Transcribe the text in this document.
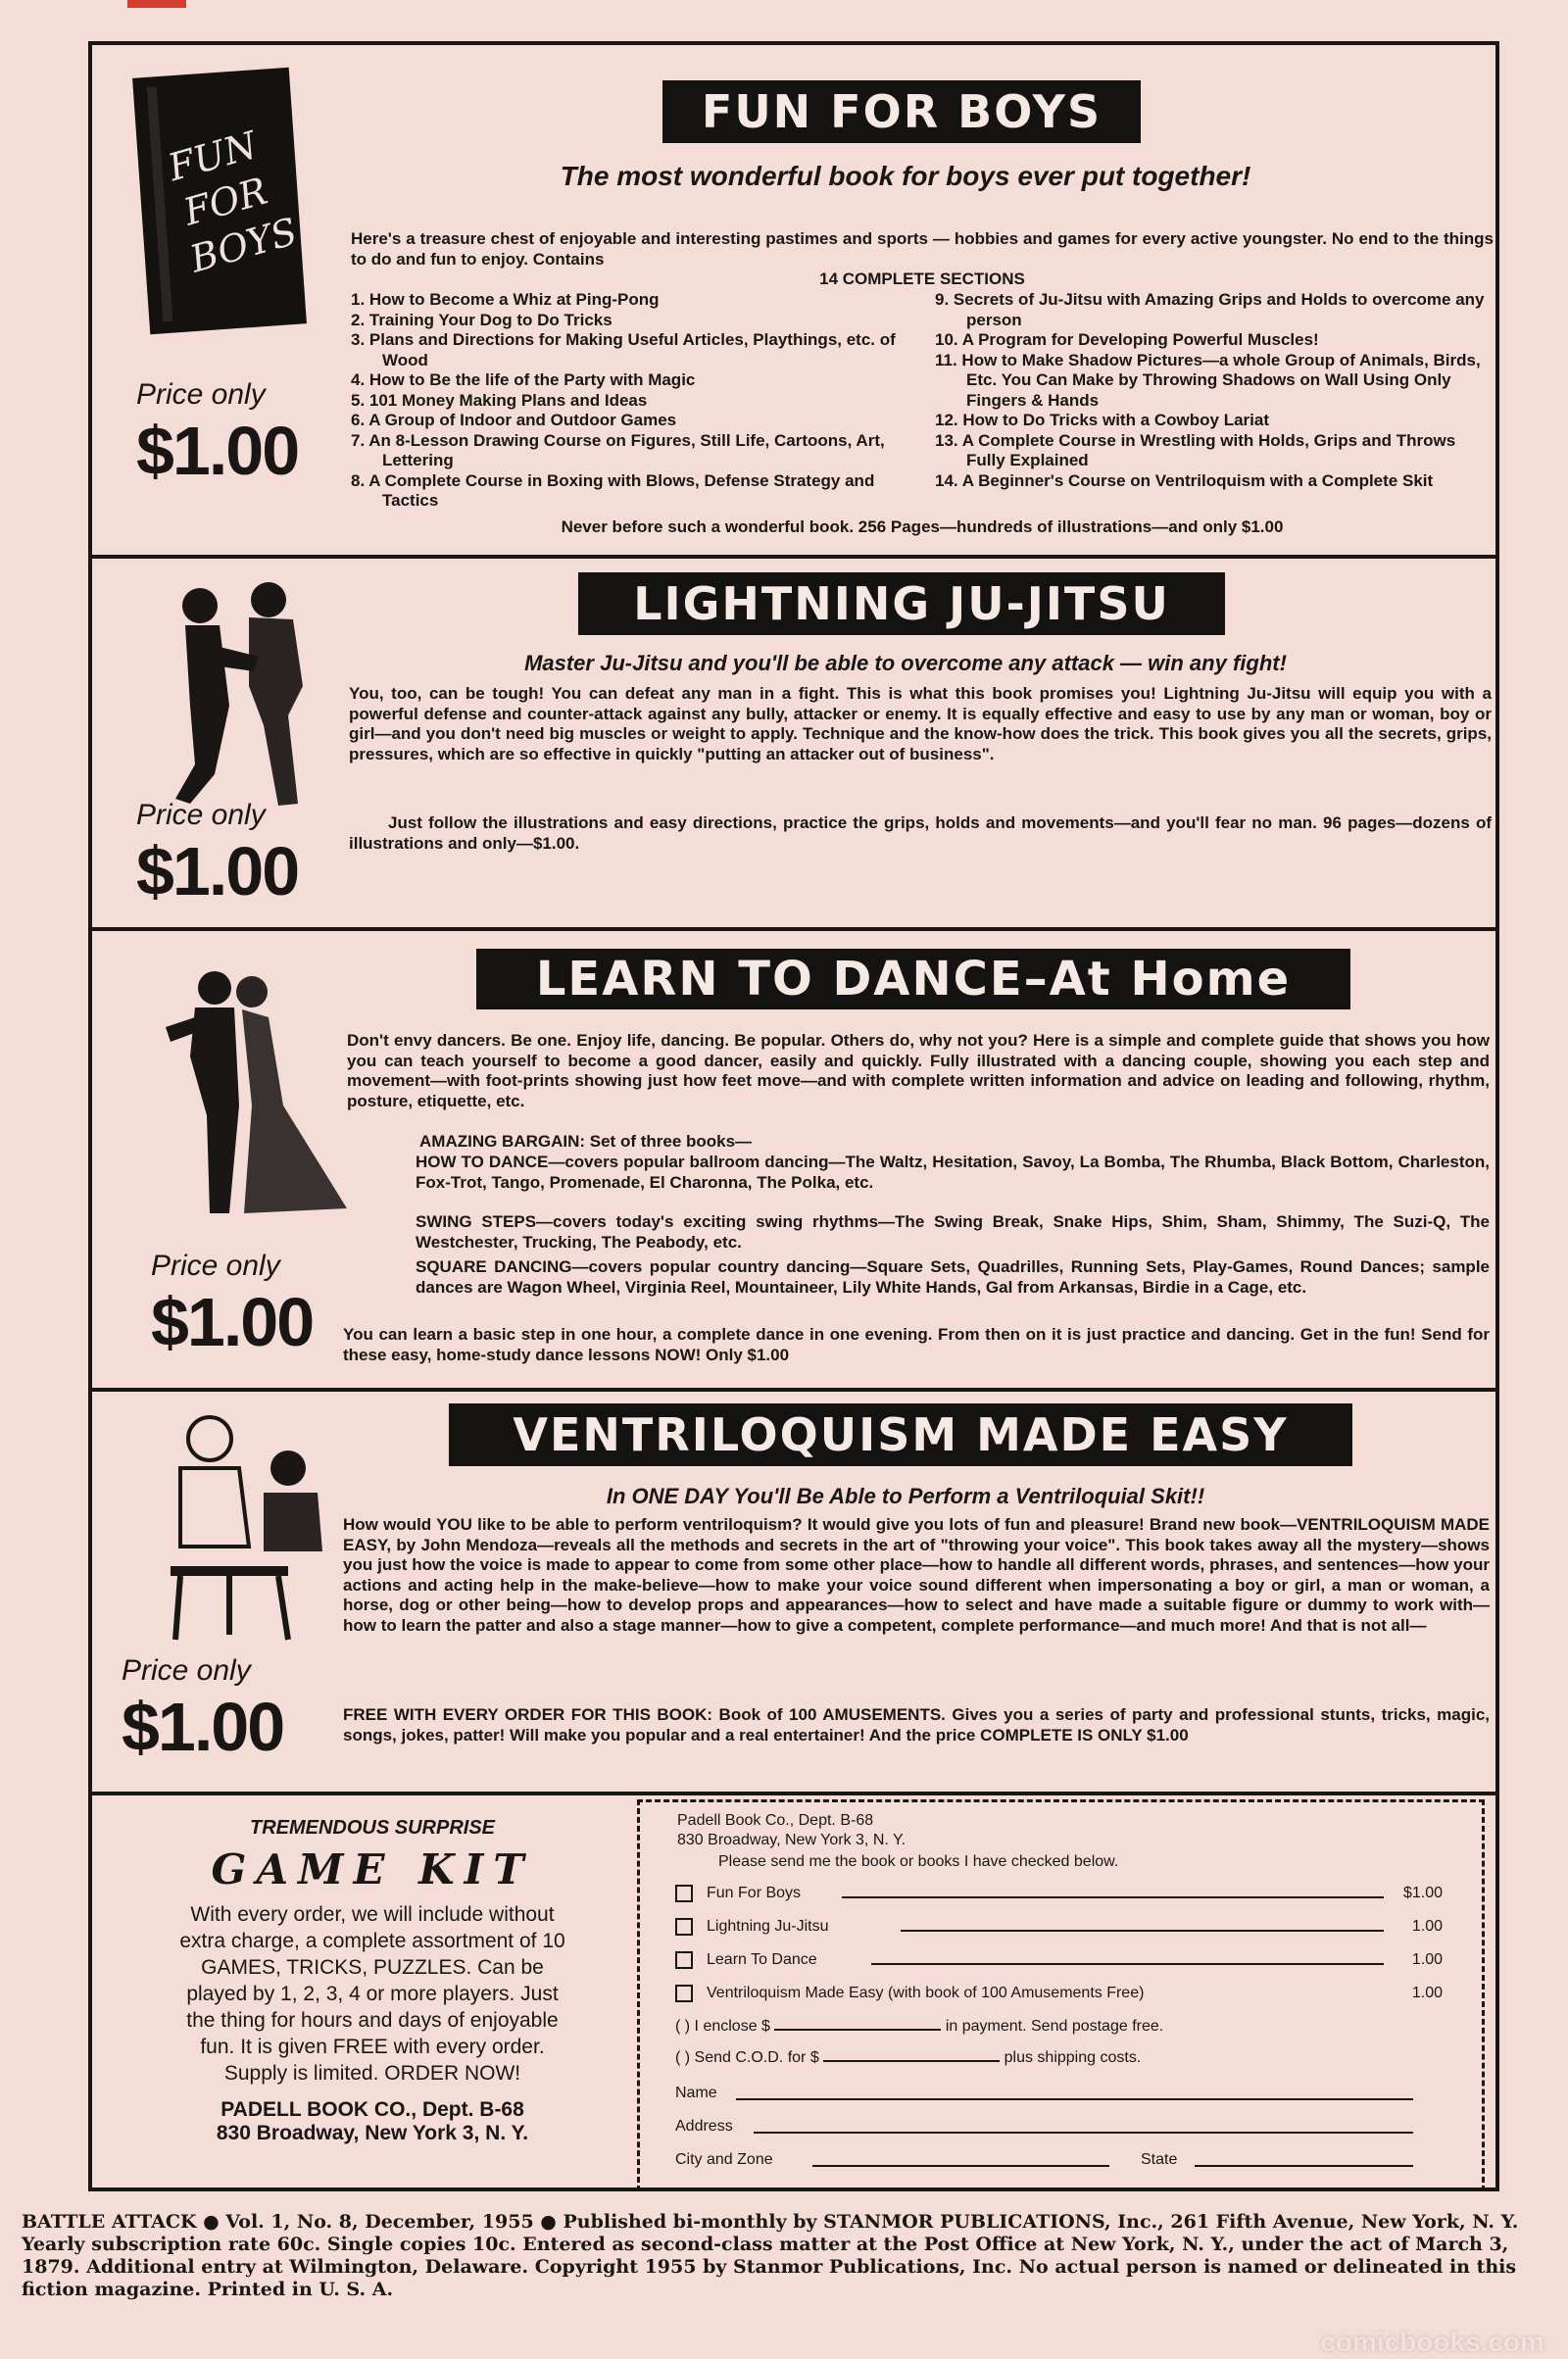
FUN FOR BOYS
Price only
$1.00
FUN FOR BOYS
The most wonderful book for boys ever put together!
Here's a treasure chest of enjoyable and interesting pastimes and sports — hobbies and games for every active youngster. No end to the things to do and fun to enjoy. Contains
14 COMPLETE SECTIONS
1. How to Become a Whiz at Ping-Pong
2. Training Your Dog to Do Tricks
3. Plans and Directions for Making Useful Articles, Playthings, etc. of Wood
4. How to Be the life of the Party with Magic
5. 101 Money Making Plans and Ideas
6. A Group of Indoor and Outdoor Games
7. An 8-Lesson Drawing Course on Figures, Still Life, Cartoons, Art, Lettering
8. A Complete Course in Boxing with Blows, Defense Strategy and Tactics
9. Secrets of Ju-Jitsu with Amazing Grips and Holds to overcome any person
10. A Program for Developing Powerful Muscles!
11. How to Make Shadow Pictures—a whole Group of Animals, Birds, Etc. You Can Make by Throwing Shadows on Wall Using Only Fingers & Hands
12. How to Do Tricks with a Cowboy Lariat
13. A Complete Course in Wrestling with Holds, Grips and Throws Fully Explained
14. A Beginner's Course on Ventriloquism with a Complete Skit
Never before such a wonderful book. 256 Pages—hundreds of illustrations—and only $1.00
Price only
$1.00
LIGHTNING JU-JITSU
Master Ju-Jitsu and you'll be able to overcome any attack — win any fight!
You, too, can be tough! You can defeat any man in a fight. This is what this book promises you! Lightning Ju-Jitsu will equip you with a powerful defense and counter-attack against any bully, attacker or enemy. It is equally effective and easy to use by any man or woman, boy or girl—and you don't need big muscles or weight to apply. Technique and the know-how does the trick. This book gives you all the secrets, grips, pressures, which are so effective in quickly "putting an attacker out of business".
Just follow the illustrations and easy directions, practice the grips, holds and movements—and you'll fear no man. 96 pages—dozens of illustrations and only—$1.00.
Price only
$1.00
LEARN TO DANCE–At Home
Don't envy dancers. Be one. Enjoy life, dancing. Be popular. Others do, why not you? Here is a simple and complete guide that shows you how you can teach yourself to become a good dancer, easily and quickly. Fully illustrated with a dancing couple, showing you each step and movement—with foot-prints showing just how feet move—and with complete written information and advice on leading and following, rhythm, posture, etiquette, etc.
AMAZING BARGAIN: Set of three books—
HOW TO DANCE—covers popular ballroom dancing—The Waltz, Hesitation, Savoy, La Bomba, The Rhumba, Black Bottom, Charleston, Fox-Trot, Tango, Promenade, El Charonna, The Polka, etc.
SWING STEPS—covers today's exciting swing rhythms—The Swing Break, Snake Hips, Shim, Sham, Shimmy, The Suzi-Q, The Westchester, Trucking, The Peabody, etc.
SQUARE DANCING—covers popular country dancing—Square Sets, Quadrilles, Running Sets, Play-Games, Round Dances; sample dances are Wagon Wheel, Virginia Reel, Mountaineer, Lily White Hands, Gal from Arkansas, Birdie in a Cage, etc.
You can learn a basic step in one hour, a complete dance in one evening. From then on it is just practice and dancing. Get in the fun! Send for these easy, home-study dance lessons NOW! Only $1.00
Price only
$1.00
VENTRILOQUISM MADE EASY
In ONE DAY You'll Be Able to Perform a Ventriloquial Skit!!
How would YOU like to be able to perform ventriloquism? It would give you lots of fun and pleasure! Brand new book—VENTRILOQUISM MADE EASY, by John Mendoza—reveals all the methods and secrets in the art of "throwing your voice". This book takes away all the mystery—shows you just how the voice is made to appear to come from some other place—how to handle all different words, phrases, and sentences—how your actions and acting help in the make-believe—how to make your voice sound different when impersonating a boy or girl, a man or woman, a horse, dog or other being—how to develop props and appearances—how to select and have made a suitable figure or dummy to work with—how to learn the patter and also a stage manner—how to give a competent, complete performance—and much more! And that is not all—
FREE WITH EVERY ORDER FOR THIS BOOK: Book of 100 AMUSEMENTS. Gives you a series of party and professional stunts, tricks, magic, songs, jokes, patter! Will make you popular and a real entertainer! And the price COMPLETE IS ONLY $1.00
TREMENDOUS SURPRISE
GAME KIT
With every order, we will include without extra charge, a complete assortment of 10 GAMES, TRICKS, PUZZLES. Can be played by 1, 2, 3, 4 or more players. Just the thing for hours and days of enjoyable fun. It is given FREE with every order. Supply is limited. ORDER NOW!
PADELL BOOK CO., Dept. B-68
830 Broadway, New York 3, N. Y.
Padell Book Co., Dept. B-68
830 Broadway, New York 3, N. Y.
Please send me the book or books I have checked below.
Fun For Boys	$1.00
Lightning Ju-Jitsu	1.00
Learn To Dance	1.00
Ventriloquism Made Easy (with book of 100 Amusements Free)	1.00
( ) I enclose $	in payment. Send postage free.
( ) Send C.O.D. for $	plus shipping costs.
Name
Address
City and Zone	State
BATTLE ATTACK ● Vol. 1, No. 8, December, 1955 ● Published bi-monthly by STANMOR PUBLICATIONS, Inc., 261 Fifth Avenue, New York, N. Y. Yearly subscription rate 60c. Single copies 10c. Entered as second-class matter at the Post Office at New York, N. Y., under the act of March 3, 1879. Additional entry at Wilmington, Delaware. Copyright 1955 by Stanmor Publications, Inc. No actual person is named or delineated in this fiction magazine. Printed in U. S. A.
comicbooks.com
